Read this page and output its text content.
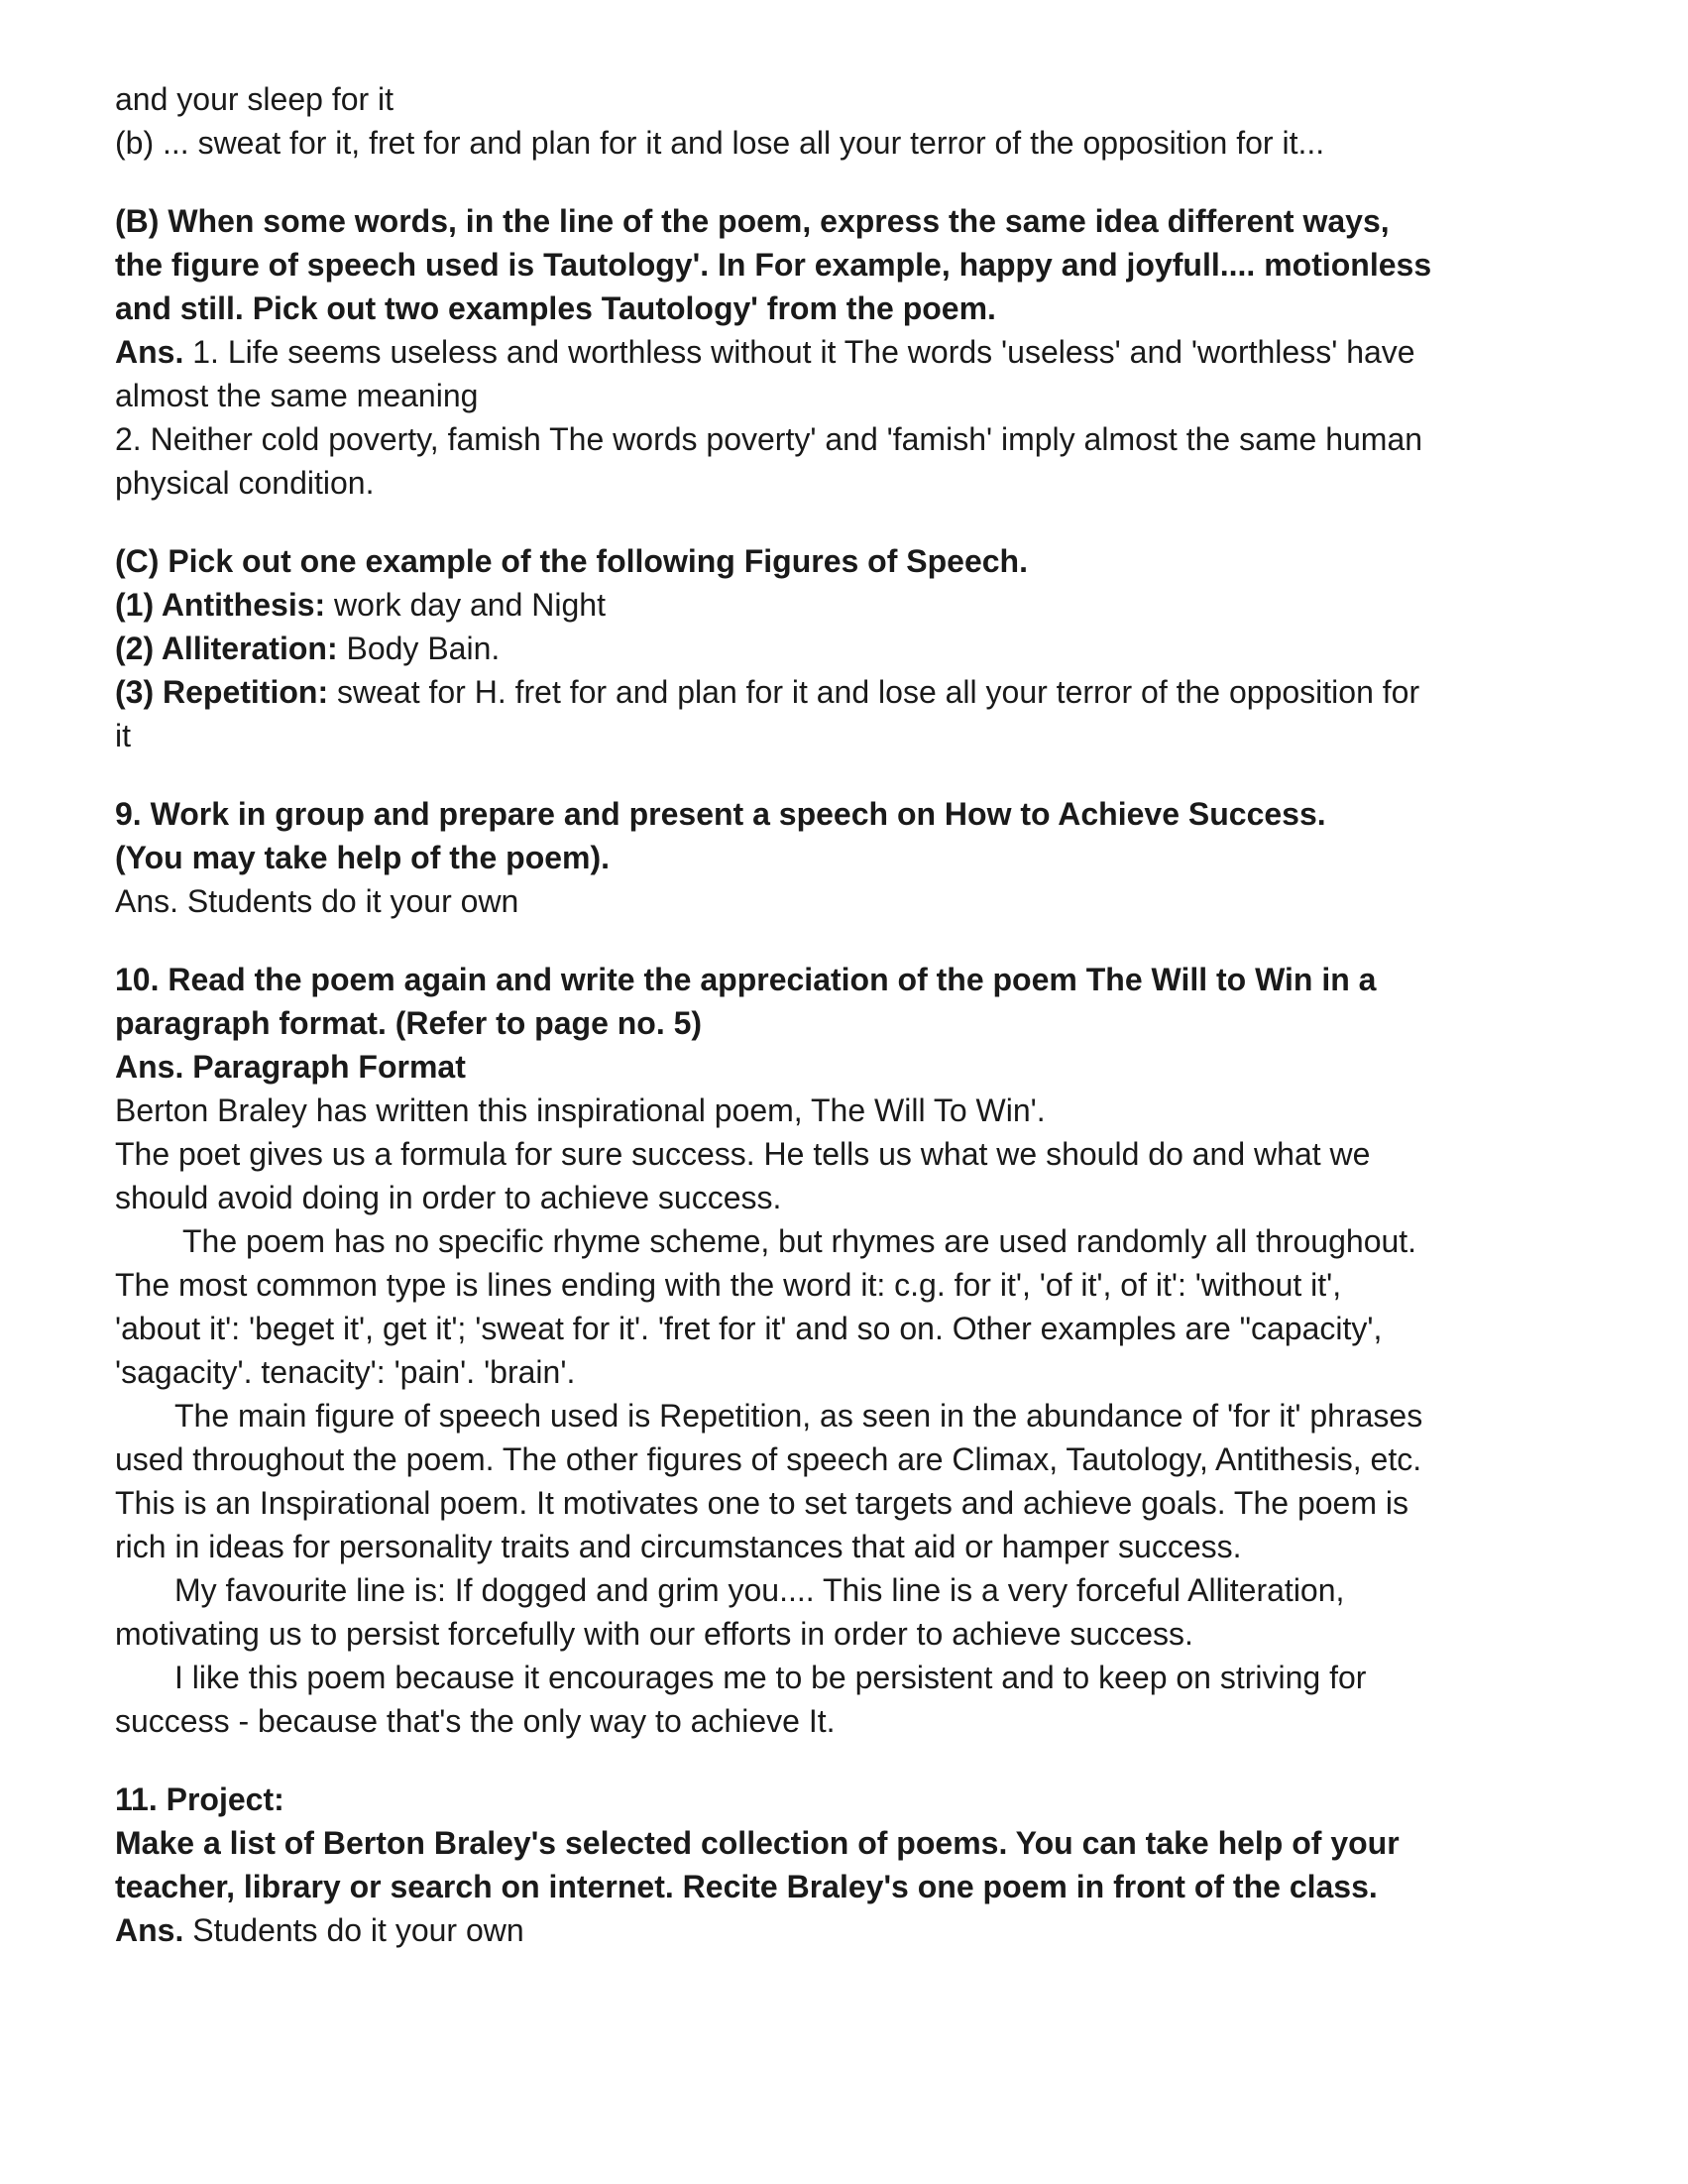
and your sleep for it

(b) ... sweat for it, fret for and plan for it and lose all your terror of the opposition for it...

(B) When some words, in the line of the poem, express the same idea different ways,

the figure of speech used is Tautology'. In For example, happy and joyfull.... motionless

and still. Pick out two examples Tautology' from the poem.

Ans. 1. Life seems useless and worthless without it The words 'useless' and 'worthless' have

almost the same meaning

2. Neither cold poverty, famish The words poverty' and 'famish' imply almost the same human

physical condition.

(C) Pick out one example of the following Figures of Speech.

(1) Antithesis: work day and Night

(2) Alliteration: Body Bain.

(3) Repetition: sweat for H. fret for and plan for it and lose all your terror of the opposition for

it

9. Work in group and prepare and present a speech on How to Achieve Success.

(You may take help of the poem).

Ans. Students do it your own

10. Read the poem again and write the appreciation of the poem The Will to Win in a

paragraph format. (Refer to page no. 5)

Ans. Paragraph Format

Berton Braley has written this inspirational poem, The Will To Win'.

The poet gives us a formula for sure success. He tells us what we should do and what we

should avoid doing in order to achieve success.

The poem has no specific rhyme scheme, but rhymes are used randomly all throughout.

The most common type is lines ending with the word it: c.g. for it', 'of it', of it': 'without it',

'about it': 'beget it', get it'; 'sweat for it'. 'fret for it' and so on. Other examples are "capacity',

'sagacity'. tenacity': 'pain'. 'brain'.

The main figure of speech used is Repetition, as seen in the abundance of 'for it' phrases

used throughout the poem. The other figures of speech are Climax, Tautology, Antithesis, etc.

This is an Inspirational poem. It motivates one to set targets and achieve goals. The poem is

rich in ideas for personality traits and circumstances that aid or hamper success.

My favourite line is: If dogged and grim you.... This line is a very forceful Alliteration,

motivating us to persist forcefully with our efforts in order to achieve success.

I like this poem because it encourages me to be persistent and to keep on striving for

success - because that's the only way to achieve It.

11. Project:

Make a list of Berton Braley's selected collection of poems. You can take help of your

teacher, library or search on internet. Recite Braley's one poem in front of the class.

Ans. Students do it your own
